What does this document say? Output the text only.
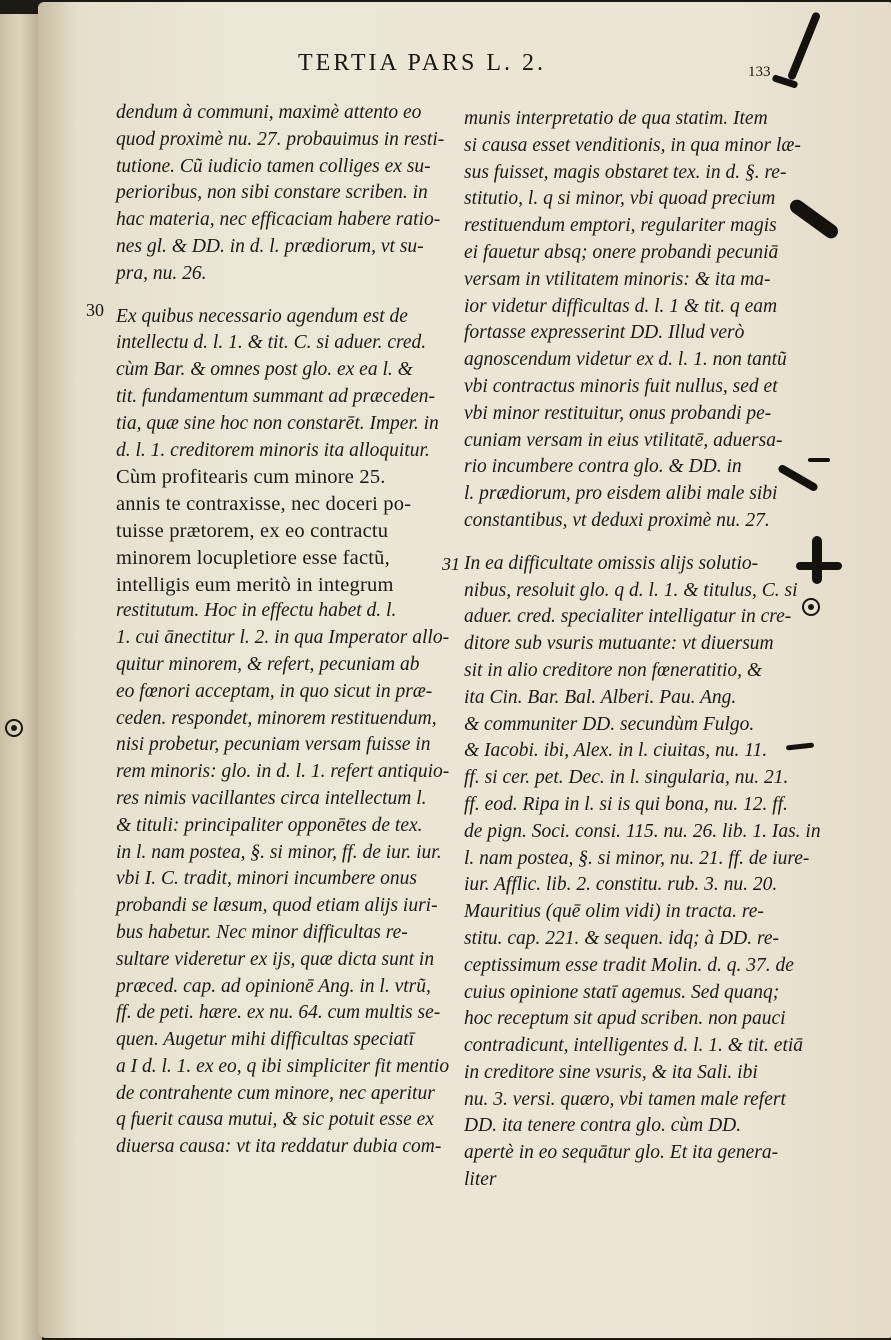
TERTIA PARS L. 2.	133
30
31
dendum à communi, maximè attento eo
quod proximè nu. 27. probauimus in resti-
tutione. Cũ iudicio tamen colliges ex su-
perioribus, non sibi constare scriben. in
hac materia, nec efficaciam habere ratio-
nes gl. & DD. in d. l. prædiorum, vt su-
pra, nu. 26.
Ex quibus necessario agendum est de
intellectu d. l. 1. & tit. C. si aduer. cred.
cùm Bar. & omnes post glo. ex ea l. &
tit. fundamentum summant ad præceden-
tia, quæ sine hoc non constarēt. Imper. in
d. l. 1. creditorem minoris ita alloquitur.
Cùm profitearis cum minore 25.
annis te contraxisse, nec doceri po-
tuisse prætorem, ex eo contractu
minorem locupletiore esse factũ,
intelligis eum meritò in integrum
restitutum. Hoc in effectu habet d. l.
1. cui ānectitur l. 2. in qua Imperator allo-
quitur minorem, & refert, pecuniam ab
eo fœnori acceptam, in quo sicut in præ-
ceden. respondet, minorem restituendum,
nisi probetur, pecuniam versam fuisse in
rem minoris: glo. in d. l. 1. refert antiquio-
res nimis vacillantes circa intellectum l.
& tituli: principaliter opponētes de tex.
in l. nam postea, §. si minor, ff. de iur. iur.
vbi I. C. tradit, minori incumbere onus
probandi se læsum, quod etiam alijs iuri-
bus habetur. Nec minor difficultas re-
sultare videretur ex ijs, quæ dicta sunt in
præced. cap. ad opinionē Ang. in l. vtrũ,
ff. de peti. hære. ex nu. 64. cum multis se-
quen. Augetur mihi difficultas speciatī
a I d. l. 1. ex eo, q ibi simpliciter fit mentio
de contrahente cum minore, nec aperitur
q fuerit causa mutui, & sic potuit esse ex
diuersa causa: vt ita reddatur dubia com-
munis interpretatio de qua statim. Item
si causa esset venditionis, in qua minor læ-
sus fuisset, magis obstaret tex. in d. §. re-
stitutio, l. q si minor, vbi quoad precium
restituendum emptori, regulariter magis
ei fauetur absq; onere probandi pecuniā
versam in vtilitatem minoris: & ita ma-
ior videtur difficultas d. l. 1 & tit. q eam
fortasse expresserint DD. Illud verò
agnoscendum videtur ex d. l. 1. non tantũ
vbi contractus minoris fuit nullus, sed et
vbi minor restituitur, onus probandi pe-
cuniam versam in eius vtilitatē, aduersa-
rio incumbere contra glo. & DD. in
l. prædiorum, pro eisdem alibi male sibi
constantibus, vt deduxi proximè nu. 27.
In ea difficultate omissis alijs solutio-
nibus, resoluit glo. q d. l. 1. & titulus, C. si
aduer. cred. specialiter intelligatur in cre-
ditore sub vsuris mutuante: vt diuersum
sit in alio creditore non fœneratitio, &
ita Cin. Bar. Bal. Alberi. Pau. Ang.
& communiter DD. secundùm Fulgo.
& Iacobi. ibi, Alex. in l. ciuitas, nu. 11.
ff. si cer. pet. Dec. in l. singularia, nu. 21.
ff. eod. Ripa in l. si is qui bona, nu. 12. ff.
de pign. Soci. consi. 115. nu. 26. lib. 1. Ias. in
l. nam postea, §. si minor, nu. 21. ff. de iure-
iur. Afflic. lib. 2. constitu. rub. 3. nu. 20.
Mauritius (quē olim vidi) in tracta. re-
stitu. cap. 221. & sequen. idq; à DD. re-
ceptissimum esse tradit Molin. d. q. 37. de
cuius opinione statī agemus. Sed quanq;
hoc receptum sit apud scriben. non pauci
contradicunt, intelligentes d. l. 1. & tit. etiā
in creditore sine vsuris, & ita Sali. ibi
nu. 3. versi. quæro, vbi tamen male refert
DD. ita tenere contra glo. cùm DD.
apertè in eo sequātur glo. Et ita genera-
liter
